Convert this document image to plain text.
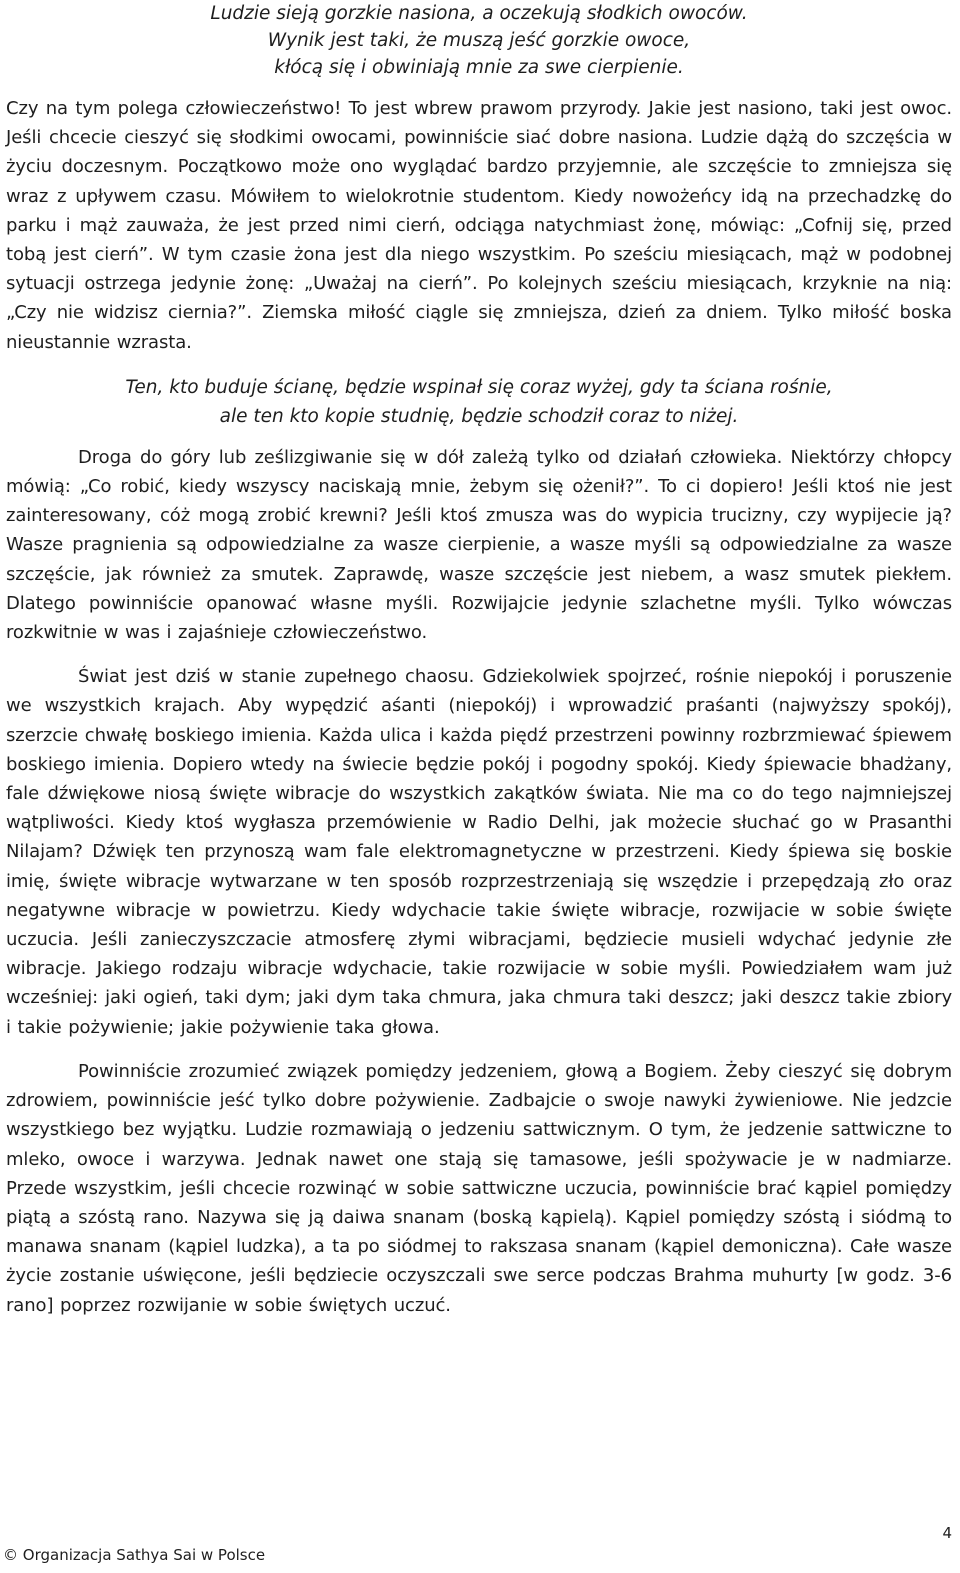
Ludzie sieją gorzkie nasiona, a oczekują słodkich owoców.
Wynik jest taki, że muszą jeść gorzkie owoce,
kłócą się i obwiniają mnie za swe cierpienie.

Czy na tym polega człowieczeństwo! To jest wbrew prawom przyrody. Jakie jest nasiono, taki jest owoc. Jeśli chcecie cieszyć się słodkimi owocami, powinniście siać dobre nasiona. Ludzie dążą do szczęścia w życiu doczesnym. Początkowo może ono wyglądać bardzo przyjemnie, ale szczęście to zmniejsza się wraz z upływem czasu. Mówiłem to wielokrotnie studentom. Kiedy nowożeńcy idą na przechadzkę do parku i mąż zauważa, że jest przed nimi cierń, odciąga natychmiast żonę, mówiąc: „Cofnij się, przed tobą jest cierń”. W tym czasie żona jest dla niego wszystkim. Po sześciu miesiącach, mąż w podobnej sytuacji ostrzega jedynie żonę: „Uważaj na cierń”. Po kolejnych sześciu miesiącach, krzyknie na nią: „Czy nie widzisz ciernia?”. Ziemska miłość ciągle się zmniejsza, dzień za dniem. Tylko miłość boska nieustannie wzrasta.

Ten, kto buduje ścianę, będzie wspinał się coraz wyżej, gdy ta ściana rośnie,
ale ten kto kopie studnię, będzie schodził coraz to niżej.

Droga do góry lub ześlizgiwanie się w dół zależą tylko od działań człowieka. Niektórzy chłopcy mówią: „Co robić, kiedy wszyscy naciskają mnie, żebym się ożenił?”. To ci dopiero! Jeśli ktoś nie jest zainteresowany, cóż mogą zrobić krewni? Jeśli ktoś zmusza was do wypicia trucizny, czy wypijecie ją? Wasze pragnienia są odpowiedzialne za wasze cierpienie, a wasze myśli są odpowiedzialne za wasze szczęście, jak również za smutek. Zaprawdę, wasze szczęście jest niebem, a wasz smutek piekłem. Dlatego powinniście opanować własne myśli. Rozwijajcie jedynie szlachetne myśli. Tylko wówczas rozkwitnie w was i zajaśnieje człowieczeństwo.

Świat jest dziś w stanie zupełnego chaosu. Gdziekolwiek spojrzeć, rośnie niepokój i poruszenie we wszystkich krajach. Aby wypędzić aśanti (niepokój) i wprowadzić praśanti (najwyższy spokój), szerzcie chwałę boskiego imienia. Każda ulica i każda piędź przestrzeni powinny rozbrzmiewać śpiewem boskiego imienia. Dopiero wtedy na świecie będzie pokój i pogodny spokój. Kiedy śpiewacie bhadżany, fale dźwiękowe niosą święte wibracje do wszystkich zakątków świata. Nie ma co do tego najmniejszej wątpliwości. Kiedy ktoś wygłasza przemówienie w Radio Delhi, jak możecie słuchać go w Prasanthi Nilajam? Dźwięk ten przynoszą wam fale elektromagnetyczne w przestrzeni. Kiedy śpiewa się boskie imię, święte wibracje wytwarzane w ten sposób rozprzestrzeniają się wszędzie i przepędzają zło oraz negatywne wibracje w powietrzu. Kiedy wdychacie takie święte wibracje, rozwijacie w sobie święte uczucia. Jeśli zanieczyszczacie atmosferę złymi wibracjami, będziecie musieli wdychać jedynie złe wibracje. Jakiego rodzaju wibracje wdychacie, takie rozwijacie w sobie myśli. Powiedziałem wam już wcześniej: jaki ogień, taki dym; jaki dym taka chmura, jaka chmura taki deszcz; jaki deszcz takie zbiory i takie pożywienie; jakie pożywienie taka głowa.

Powinniście zrozumieć związek pomiędzy jedzeniem, głową a Bogiem. Żeby cieszyć się dobrym zdrowiem, powinniście jeść tylko dobre pożywienie. Zadbajcie o swoje nawyki żywieniowe. Nie jedzcie wszystkiego bez wyjątku. Ludzie rozmawiają o jedzeniu sattwicznym. O tym, że jedzenie sattwiczne to mleko, owoce i warzywa. Jednak nawet one stają się tamasowe, jeśli spożywacie je w nadmiarze. Przede wszystkim, jeśli chcecie rozwinąć w sobie sattwiczne uczucia, powinniście brać kąpiel pomiędzy piątą a szóstą rano. Nazywa się ją daiwa snanam (boską kąpielą). Kąpiel pomiędzy szóstą i siódmą to manawa snanam (kąpiel ludzka), a ta po siódmej to rakszasa snanam (kąpiel demoniczna). Całe wasze życie zostanie uświęcone, jeśli będziecie oczyszczali swe serce podczas Brahma muhurty [w godz. 3-6 rano] poprzez rozwijanie w sobie świętych uczuć.

4
© Organizacja Sathya Sai w Polsce
